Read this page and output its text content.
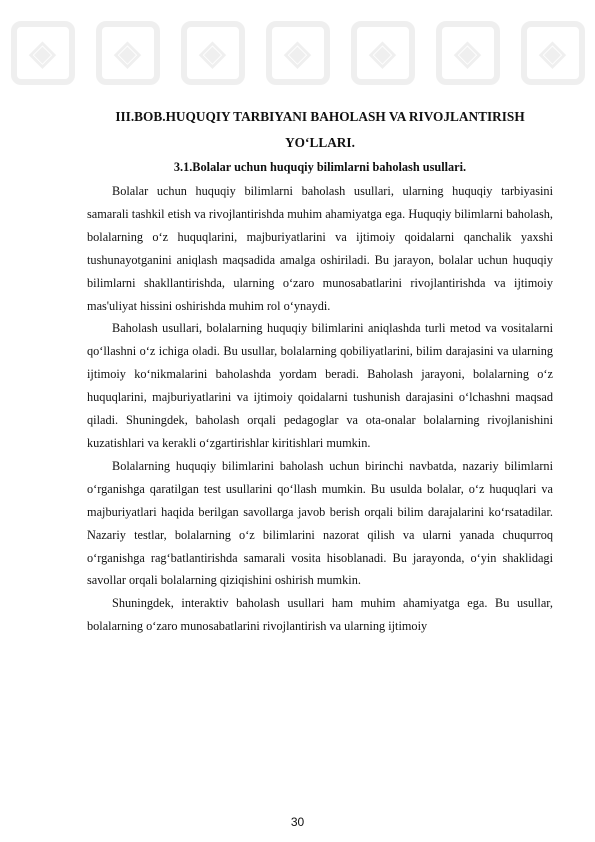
◈	◈	◈	◈	◈	◈	◈

III.BOB.HUQUQIY TARBIYANI BAHOLASH VA RIVOJLANTIRISH

YO‘LLARI.

3.1.Bolalar uchun huquqiy bilimlarni baholash usullari.

Bolalar uchun huquqiy bilimlarni baholash usullari, ularning huquqiy tarbiyasini samarali tashkil etish va rivojlantirishda muhim ahamiyatga ega. Huquqiy bilimlarni baholash, bolalarning o‘z huquqlarini, majburiyatlarini va ijtimoiy qoidalarni qanchalik yaxshi tushunayotganini aniqlash maqsadida amalga oshiriladi. Bu jarayon, bolalar uchun huquqiy bilimlarni shakllantirishda, ularning o‘zaro munosabatlarini rivojlantirishda va ijtimoiy mas'uliyat hissini oshirishda muhim rol o‘ynaydi.

Baholash usullari, bolalarning huquqiy bilimlarini aniqlashda turli metod va vositalarni qo‘llashni o‘z ichiga oladi. Bu usullar, bolalarning qobiliyatlarini, bilim darajasini va ularning ijtimoiy ko‘nikmalarini baholashda yordam beradi. Baholash jarayoni, bolalarning o‘z huquqlarini, majburiyatlarini va ijtimoiy qoidalarni tushunish darajasini o‘lchashni maqsad qiladi. Shuningdek, baholash orqali pedagoglar va ota-onalar bolalarning rivojlanishini kuzatishlari va kerakli o‘zgartirishlar kiritishlari mumkin.

Bolalarning huquqiy bilimlarini baholash uchun birinchi navbatda, nazariy bilimlarni o‘rganishga qaratilgan test usullarini qo‘llash mumkin. Bu usulda bolalar, o‘z huquqlari va majburiyatlari haqida berilgan savollarga javob berish orqali bilim darajalarini ko‘rsatadilar. Nazariy testlar, bolalarning o‘z bilimlarini nazorat qilish va ularni yanada chuqurroq o‘rganishga rag‘batlantirishda samarali vosita hisoblanadi. Bu jarayonda, o‘yin shaklidagi savollar orqali bolalarning qiziqishini oshirish mumkin.

Shuningdek, interaktiv baholash usullari ham muhim ahamiyatga ega. Bu usullar, bolalarning o‘zaro munosabatlarini rivojlantirish va ularning ijtimoiy

30
